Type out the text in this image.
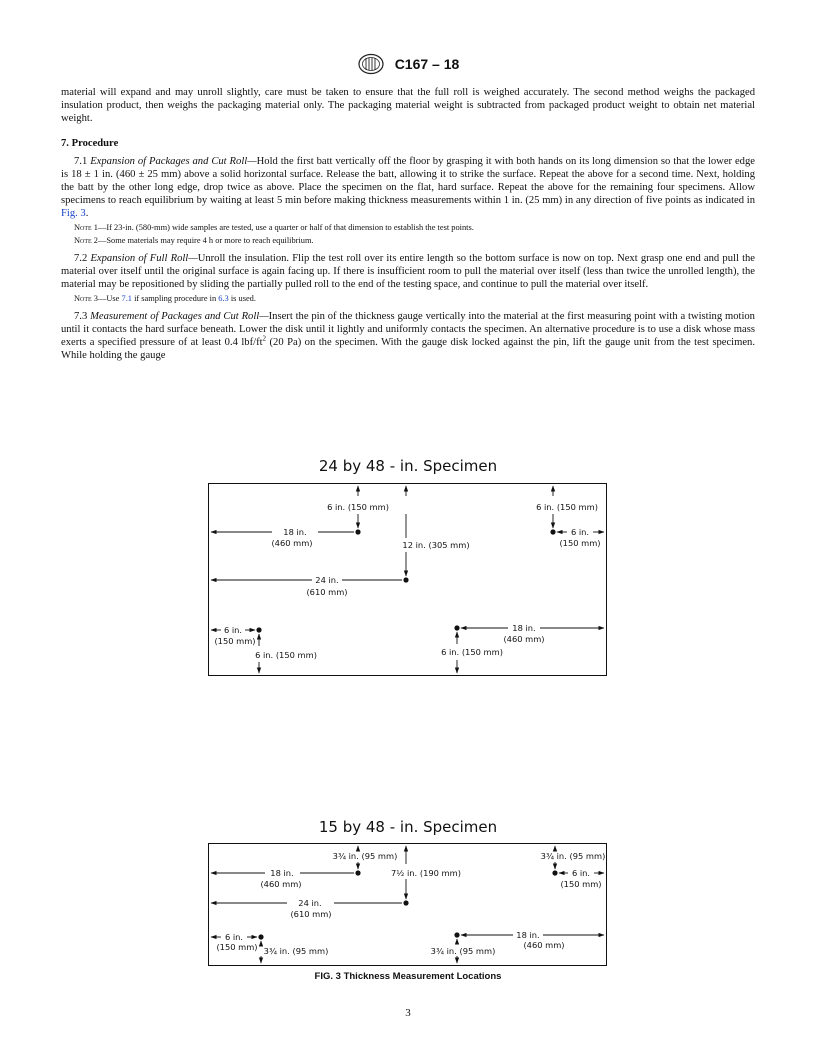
C167 – 18

material will expand and may unroll slightly, care must be taken to ensure that the full roll is weighed accurately. The second method weighs the packaged insulation product, then weighs the packaging material only. The packaging material weight is subtracted from packaged product weight to obtain net material weight.

7. Procedure

7.1 Expansion of Packages and Cut Roll—Hold the first batt vertically off the floor by grasping it with both hands on its long dimension so that the lower edge is 18 ± 1 in. (460 ± 25 mm) above a solid horizontal surface. Release the batt, allowing it to strike the surface. Repeat the above for a second time. Next, holding the batt by the other long edge, drop twice as above. Place the specimen on the flat, hard surface. Repeat the above for the remaining four specimens. Allow specimens to reach equilibrium by waiting at least 5 min before making thickness measurements within 1 in. (25 mm) in any direction of five points as indicated in Fig. 3.

Note 1—If 23-in. (580-mm) wide samples are tested, use a quarter or half of that dimension to establish the test points.

Note 2—Some materials may require 4 h or more to reach equilibrium.

7.2 Expansion of Full Roll—Unroll the insulation. Flip the test roll over its entire length so the bottom surface is now on top. Next grasp one end and pull the material over itself until the original surface is again facing up. If there is insufficient room to pull the material over itself (less than twice the unrolled length), the material may be repositioned by sliding the partially pulled roll to the end of the testing space, and continue to pull the material over itself.

Note 3—Use 7.1 if sampling procedure in 6.3 is used.

7.3 Measurement of Packages and Cut Roll—Insert the pin of the thickness gauge vertically into the material at the first measuring point with a twisting motion until it contacts the hard surface beneath. Lower the disk until it lightly and uniformly contacts the specimen. An alternative procedure is to use a disk whose mass exerts a specified pressure of at least 0.4 lbf/$ft^2$ (20 Pa) on the specimen. With the gauge disk locked against the pin, lift the gauge unit from the test specimen. While holding the gauge

24 by 48 - in. Specimen
15 by 48 - in. Specimen
6 in. (150 mm)	6 in. (150 mm)
6 in.
(150 mm)
18 in.
(460 mm)	12 in. (305 mm)
24 in.
(610 mm)
6 in.
(150 mm)
6 in. (150 mm)
18 in.
(460 mm)
6 in. (150 mm)
3¾ in. (95 mm)	3¾ in. (95 mm)
6 in.
(150 mm)
18 in.
(460 mm)
7½ in. (190 mm)
24 in.
(610 mm)
6 in.
(150 mm) 3¾ in. (95 mm)
18 in.
(460 mm)
3¾ in. (95 mm)
FIG. 3 Thickness Measurement Locations
3
